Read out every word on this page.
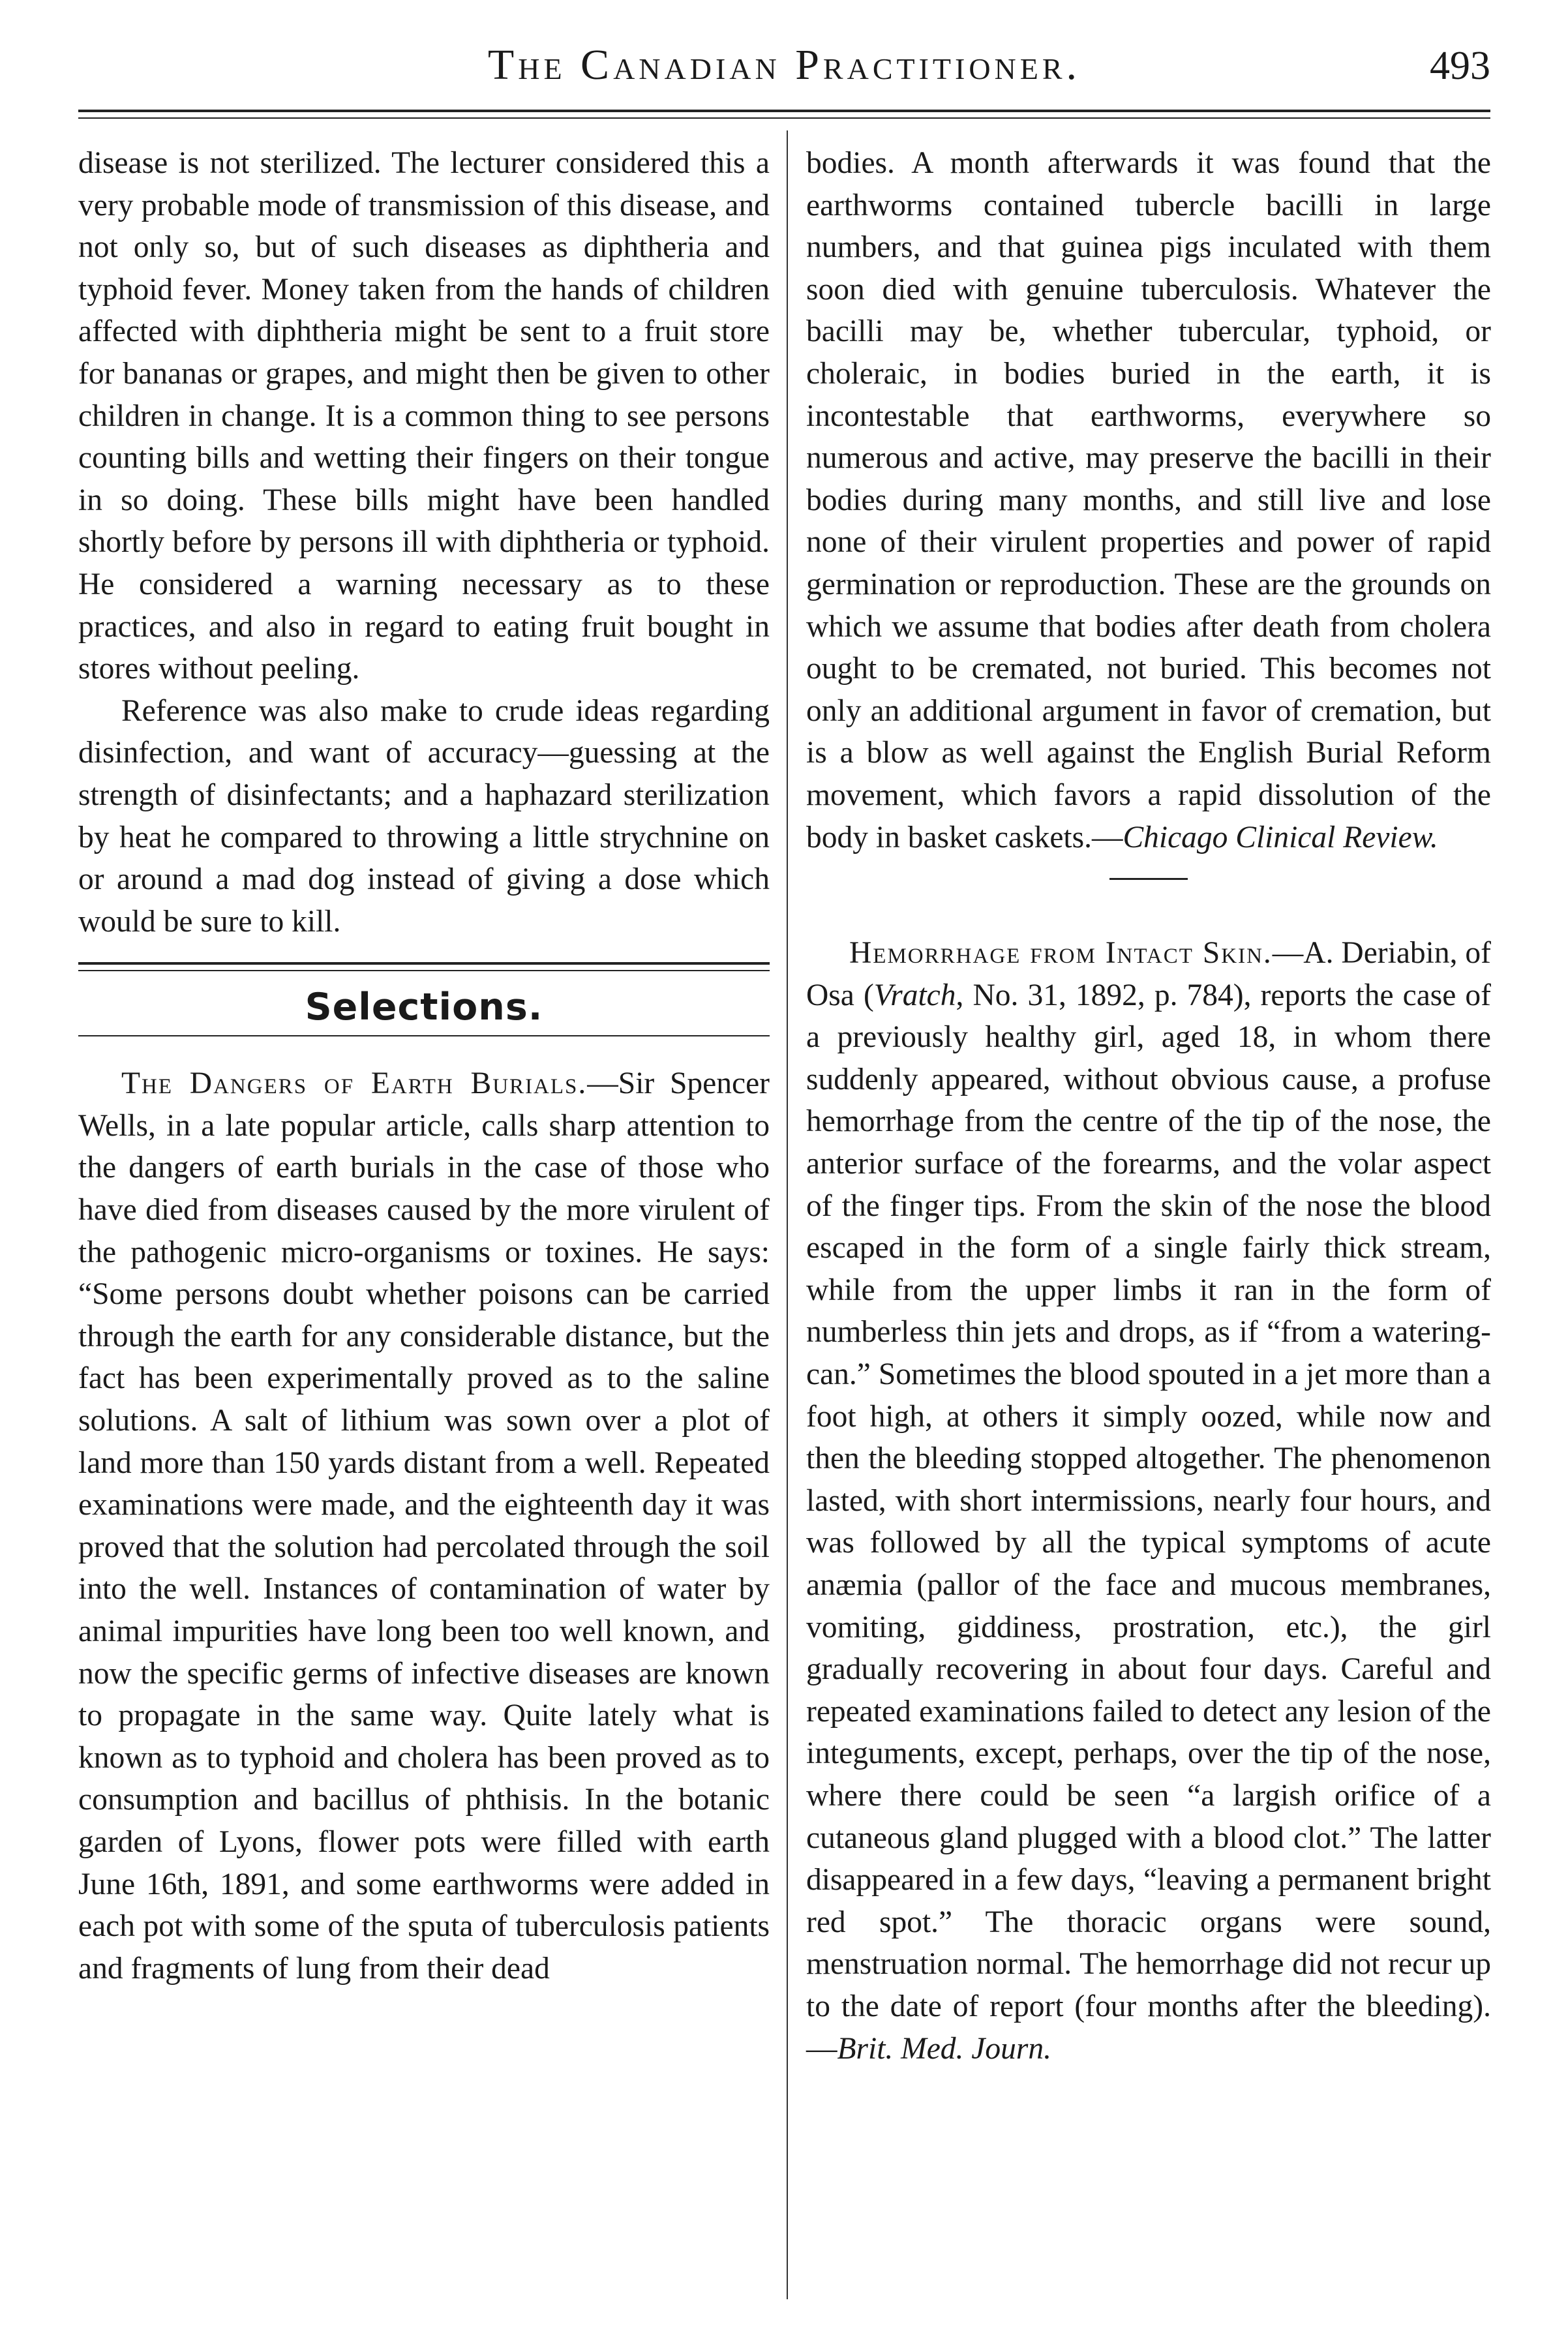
The Canadian Practitioner.	493

disease is not sterilized. The lecturer considered this a very probable mode of transmission of this disease, and not only so, but of such diseases as diphtheria and typhoid fever. Money taken from the hands of children affected with diphtheria might be sent to a fruit store for bananas or grapes, and might then be given to other children in change. It is a common thing to see persons counting bills and wetting their fingers on their tongue in so doing. These bills might have been handled shortly before by persons ill with diphtheria or typhoid. He considered a warning necessary as to these practices, and also in regard to eating fruit bought in stores without peeling.

Reference was also make to crude ideas regarding disinfection, and want of accuracy—guessing at the strength of disinfectants; and a haphazard sterilization by heat he compared to throwing a little strychnine on or around a mad dog instead of giving a dose which would be sure to kill.

Selections.

The Dangers of Earth Burials.—Sir Spencer Wells, in a late popular article, calls sharp attention to the dangers of earth burials in the case of those who have died from diseases caused by the more virulent of the pathogenic micro-organisms or toxines. He says: “Some persons doubt whether poisons can be carried through the earth for any considerable distance, but the fact has been experimentally proved as to the saline solutions. A salt of lithium was sown over a plot of land more than 150 yards distant from a well. Repeated examinations were made, and the eighteenth day it was proved that the solution had percolated through the soil into the well. Instances of contamination of water by animal impurities have long been too well known, and now the specific germs of infective diseases are known to propagate in the same way. Quite lately what is known as to typhoid and cholera has been proved as to consumption and bacillus of phthisis. In the botanic garden of Lyons, flower pots were filled with earth June 16th, 1891, and some earthworms were added in each pot with some of the sputa of tuberculosis patients and fragments of lung from their dead

bodies. A month afterwards it was found that the earthworms contained tubercle bacilli in large numbers, and that guinea pigs inculated with them soon died with genuine tuberculosis. Whatever the bacilli may be, whether tubercular, typhoid, or choleraic, in bodies buried in the earth, it is incontestable that earthworms, everywhere so numerous and active, may preserve the bacilli in their bodies during many months, and still live and lose none of their virulent properties and power of rapid germination or reproduction. These are the grounds on which we assume that bodies after death from cholera ought to be cremated, not buried. This becomes not only an additional argument in favor of cremation, but is a blow as well against the English Burial Reform movement, which favors a rapid dissolution of the body in basket caskets.—Chicago Clinical Review.

Hemorrhage from Intact Skin.—A. Deriabin, of Osa (Vratch, No. 31, 1892, p. 784), reports the case of a previously healthy girl, aged 18, in whom there suddenly appeared, without obvious cause, a profuse hemorrhage from the centre of the tip of the nose, the anterior surface of the forearms, and the volar aspect of the finger tips. From the skin of the nose the blood escaped in the form of a single fairly thick stream, while from the upper limbs it ran in the form of numberless thin jets and drops, as if “from a watering-can.” Sometimes the blood spouted in a jet more than a foot high, at others it simply oozed, while now and then the bleeding stopped altogether. The phenomenon lasted, with short intermissions, nearly four hours, and was followed by all the typical symptoms of acute anæmia (pallor of the face and mucous membranes, vomiting, giddiness, prostration, etc.), the girl gradually recovering in about four days. Careful and repeated examinations failed to detect any lesion of the integuments, except, perhaps, over the tip of the nose, where there could be seen “a largish orifice of a cutaneous gland plugged with a blood clot.” The latter disappeared in a few days, “leaving a permanent bright red spot.” The thoracic organs were sound, menstruation normal. The hemorrhage did not recur up to the date of report (four months after the bleeding).—Brit. Med. Journ.
